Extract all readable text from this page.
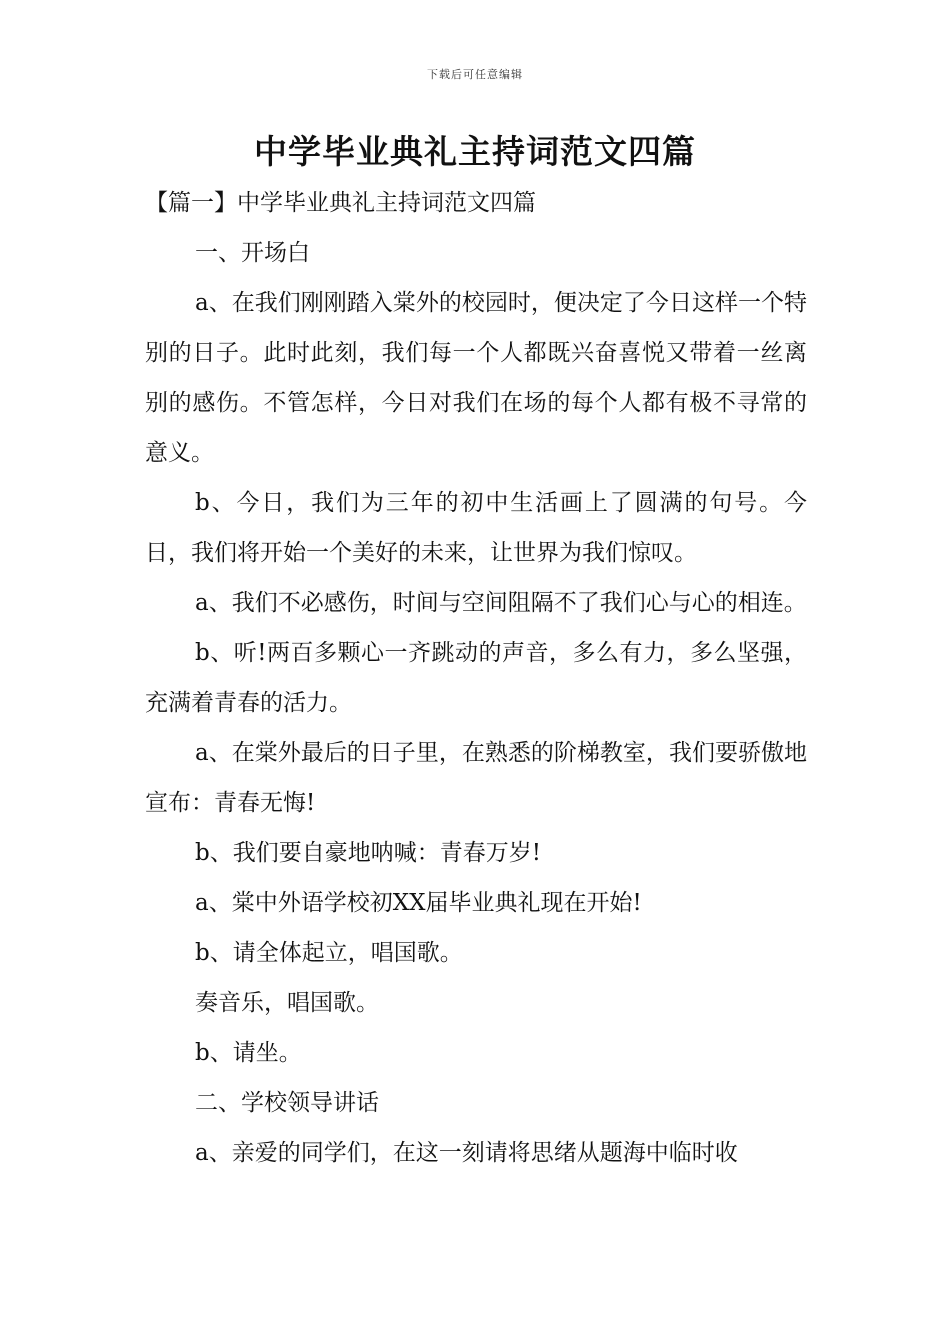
下载后可任意编辑
中学毕业典礼主持词范文四篇

【篇一】中学毕业典礼主持词范文四篇

一、开场白

a、在我们刚刚踏入棠外的校园时，便决定了今日这样一个特别的日子。此时此刻，我们每一个人都既兴奋喜悦又带着一丝离别的感伤。不管怎样，今日对我们在场的每个人都有极不寻常的意义。

b、今日，我们为三年的初中生活画上了圆满的句号。今日，我们将开始一个美好的未来，让世界为我们惊叹。

a、我们不必感伤，时间与空间阻隔不了我们心与心的相连。

b、听!两百多颗心一齐跳动的声音，多么有力，多么坚强，充满着青春的活力。

a、在棠外最后的日子里，在熟悉的阶梯教室，我们要骄傲地宣布：青春无悔!

b、我们要自豪地呐喊：青春万岁!

a、棠中外语学校初XX届毕业典礼现在开始!

b、请全体起立，唱国歌。

奏音乐，唱国歌。

b、请坐。

二、学校领导讲话

a、亲爱的同学们，在这一刻请将思绪从题海中临时收
